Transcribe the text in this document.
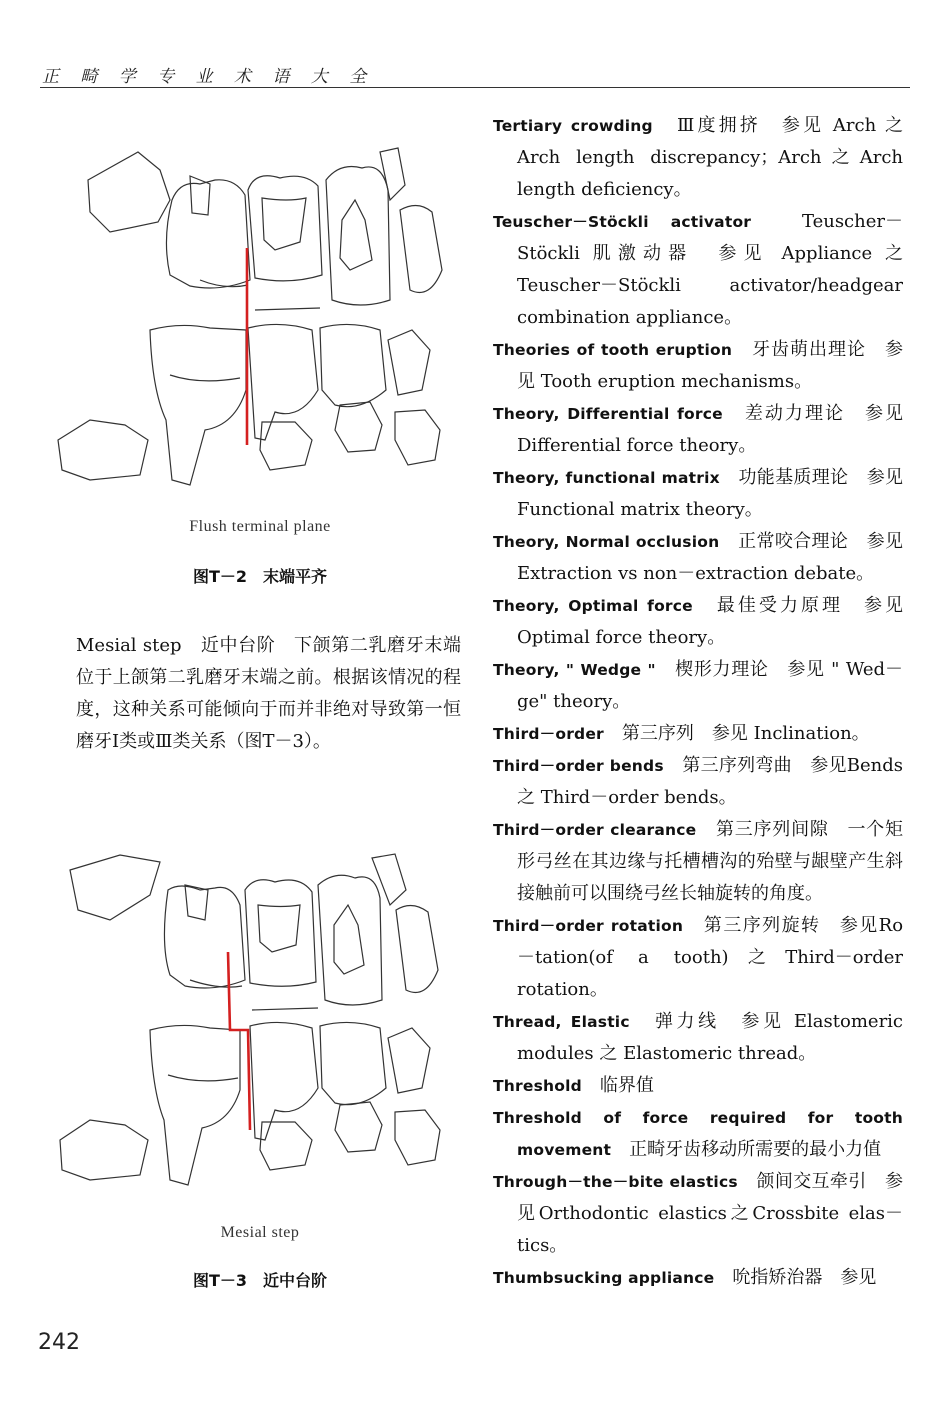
正 畸 学 专 业 术 语 大 全
Flush terminal plane
图T－2　末端平齐
Mesial step　近中台阶　下颌第二乳磨牙末端位于上颌第二乳磨牙末端之前。根据该情况的程度，这种关系可能倾向于而并非绝对导致第一恒磨牙Ⅰ类或Ⅲ类关系（图T－3）。
Mesial step
图T－3　近中台阶
Tertiary crowding　 Ⅲ度拥挤　 参见 Arch 之 Arch length discrepancy；Arch之Arch length deficiency。
Teuscher－Stöckli activator　	Teuscher－Stöckli 肌激动器　 参见 Appliance 之 Teuscher－Stöckli activator/headgear combination appliance。
Theories of tooth eruption　 牙齿萌出理论　 参见 Tooth eruption mechanisms。
Theory, Differential force　 差动力理论　 参见 Differential force theory。
Theory, functional matrix　 功能基质理论　 参见 Functional matrix theory。
Theory, Normal occlusion　 正常咬合理论　 参见Extraction vs non－extraction debate。
Theory, Optimal force　 最佳受力原理　 参见 Optimal force theory。
Theory, " Wedge "　 楔形力理论　 参见 " Wed－ge" theory。
Third－order　 第三序列　 参见 Inclination。
Third－order bends　 第三序列弯曲　 参见Bends 之 Third－order bends。
Third－order clearance　 第三序列间隙　 一个矩形弓丝在其边缘与托槽槽沟的殆壁与龈壁产生斜接触前可以围绕弓丝长轴旋转的角度。
Third－order rotation　 第三序列旋转　 参见Ro－tation(of a tooth)之Third－order rotation。
Thread, Elastic　 弹力线　 参见 Elastomeric modules 之 Elastomeric thread。
Threshold　 临界值
Threshold of force required for tooth movement　 正畸牙齿移动所需要的最小力值
Through－the－bite elastics　 颌间交互牵引　 参见Orthodontic elastics之Crossbite elas－tics。
Thumbsucking appliance　 吮指矫治器　 参见
242
